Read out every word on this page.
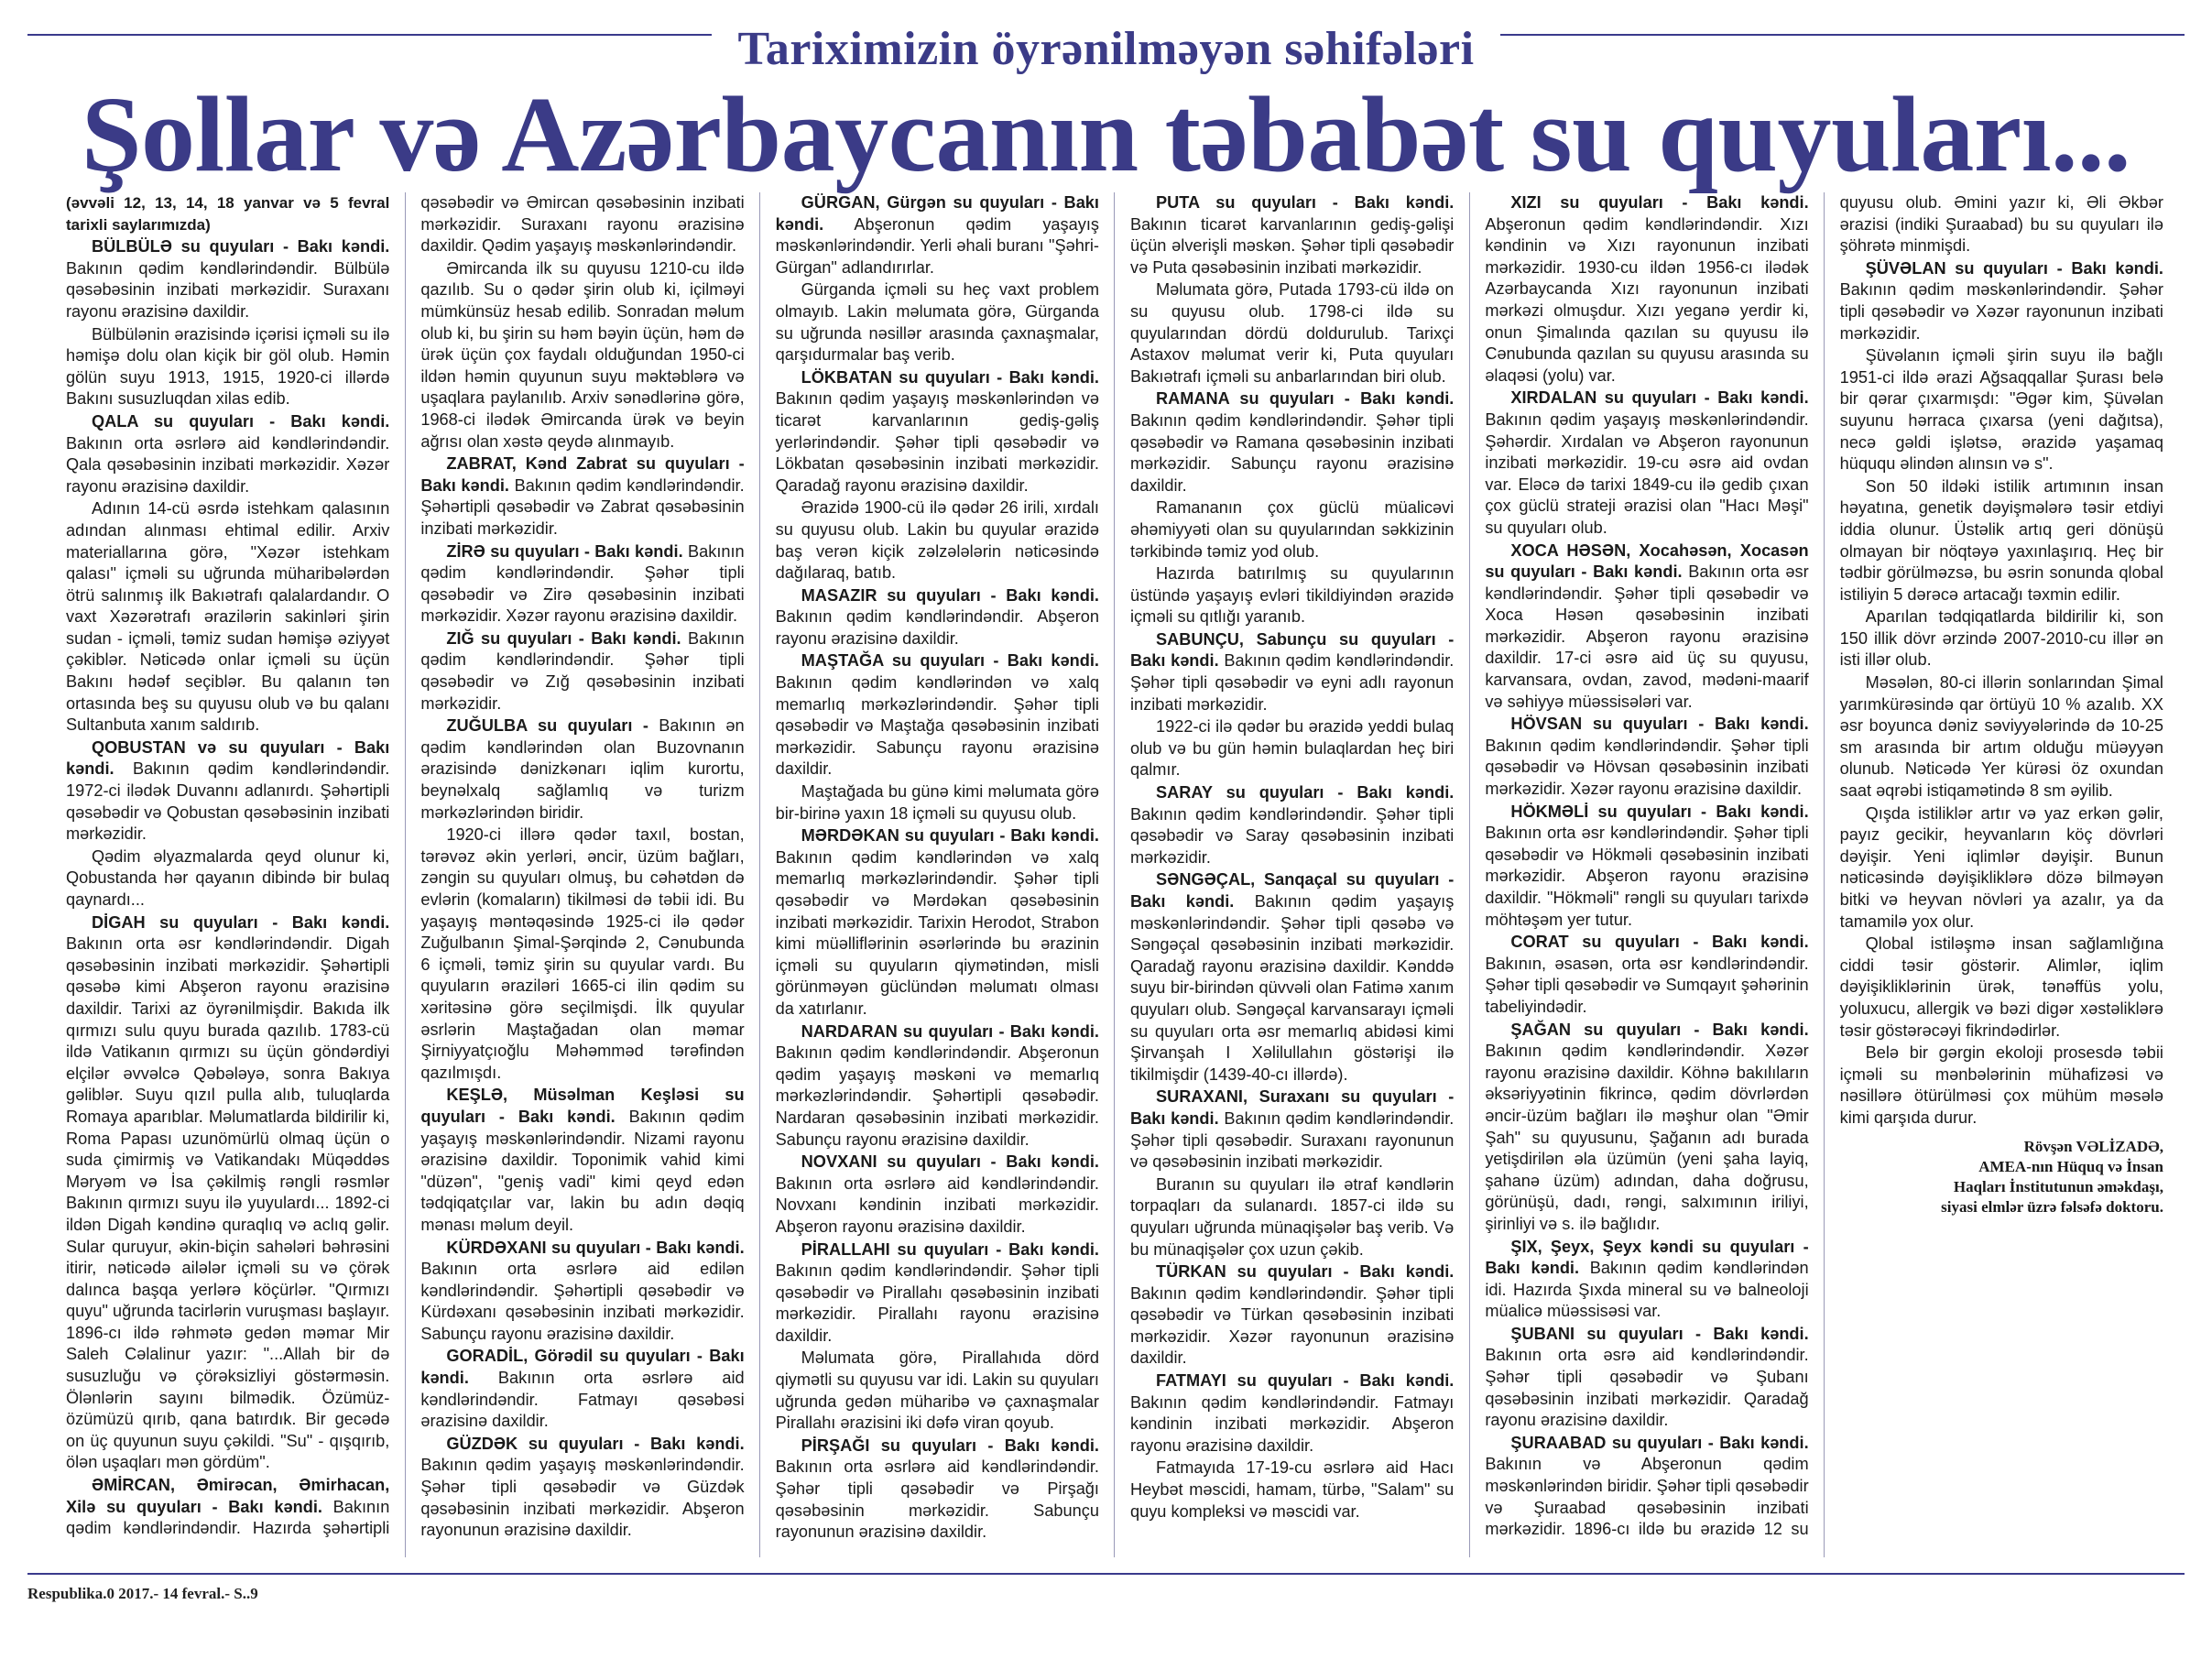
Tariximizin öyrənilməyən səhifələri
Şollar və Azərbaycanın təbabət su quyuları...

(əvvəli 12, 13, 14, 18 yanvar və 5 fevral tarixli saylarımızda)

BÜLBÜLƏ su quyuları - Bakı kəndi. Bakının qədim kəndlərindəndir. Bülbülə qəsəbəsinin inzibati mərkəzidir. Suraxanı rayonu ərazisinə daxildir.

Bülbülənin ərazisində içərisi içməli su ilə həmişə dolu olan kiçik bir göl olub. Həmin gölün suyu 1913, 1915, 1920-ci illərdə Bakını susuzluqdan xilas edib.

QALA su quyuları - Bakı kəndi. Bakının orta əsrlərə aid kəndlərindəndir. Qala qəsəbəsinin inzibati mərkəzidir. Xəzər rayonu ərazisinə daxildir.

Adının 14-cü əsrdə istehkam qalasının adından alınması ehtimal edilir. Arxiv materiallarına görə, "Xəzər istehkam qalası" içməli su uğrunda müharibələrdən ötrü salınmış ilk Bakıətrafı qalalardandır. O vaxt Xəzərətrafı ərazilərin sakinləri şirin sudan - içməli, təmiz sudan həmişə əziyyət çəkiblər. Nəticədə onlar içməli su üçün Bakını hədəf seçiblər. Bu qalanın tən ortasında beş su quyusu olub və bu qalanı Sultanbuta xanım saldırıb.

QOBUSTAN və su quyuları - Bakı kəndi. Bakının qədim kəndlərindəndir. 1972-ci ilədək Duvannı adlanırdı. Şəhərtipli qəsəbədir və Qobustan qəsəbəsinin inzibati mərkəzidir.

Qədim əlyazmalarda qeyd olunur ki, Qobustanda hər qayanın dibində bir bulaq qaynardı...

DİGAH su quyuları - Bakı kəndi. Bakının orta əsr kəndlərindəndir. Digah qəsəbəsinin inzibati mərkəzidir. Şəhərtipli qəsəbə kimi Abşeron rayonu ərazisinə daxildir. Tarixi az öyrənilmişdir. Bakıda ilk qırmızı sulu quyu burada qazılıb. 1783-cü ildə Vatikanın qırmızı su üçün göndərdiyi elçilər əvvəlcə Qəbələyə, sonra Bakıya gəliblər. Suyu qızıl pulla alıb, tuluqlarda Romaya aparıblar. Məlumatlarda bildirilir ki, Roma Papası uzunömürlü olmaq üçün o suda çimirmiş və Vatikandakı Müqəddəs Məryəm və İsa çəkilmiş rəngli rəsmlər Bakının qırmızı suyu ilə yuyulardı... 1892-ci ildən Digah kəndinə quraqlıq və aclıq gəlir. Sular quruyur, əkin-biçin sahələri bəhrəsini itirir, nəticədə ailələr içməli su və çörək dalınca başqa yerlərə köçürlər. "Qırmızı quyu" uğrunda tacirlərin vuruşması başlayır. 1896-cı ildə rəhmətə gedən məmar Mir Saleh Cəlalinur yazır: "...Allah bir də susuzluğu və çörəksizliyi göstərməsin. Ölənlərin sayını bilmədik. Özümüz-özümüzü qırıb, qana batırdık. Bir gecədə on üç quyunun suyu çəkildi. "Su" - qışqırıb, ölən uşaqları mən gördüm".

ƏMİRCAN, Əmirəcan, Əmirhacan, Xilə su quyuları - Bakı kəndi. Bakının qədim kəndlərindəndir. Hazırda şəhərtipli qəsəbədir və Əmircan qəsəbəsinin inzibati mərkəzidir. Suraxanı rayonu ərazisinə daxildir. Qədim yaşayış məskənlərindəndir.

Əmircanda ilk su quyusu 1210-cu ildə qazılıb. Su o qədər şirin olub ki, içilməyi mümkünsüz hesab edilib. Sonradan məlum olub ki, bu şirin su həm bəyin üçün, həm də ürək üçün çox faydalı olduğundan 1950-ci ildən həmin quyunun suyu məktəblərə və uşaqlara paylanılıb. Arxiv sənədlərinə görə, 1968-ci ilədək Əmircanda ürək və beyin ağrısı olan xəstə qeydə alınmayıb.

ZABRAT, Kənd Zabrat su quyuları - Bakı kəndi. Bakının qədim kəndlərindəndir. Şəhərtipli qəsəbədir və Zabrat qəsəbəsinin inzibati mərkəzidir.

ZİRƏ su quyuları - Bakı kəndi. Bakının qədim kəndlərindəndir. Şəhər tipli qəsəbədir və Zirə qəsəbəsinin inzibati mərkəzidir. Xəzər rayonu ərazisinə daxildir.

ZIĞ su quyuları - Bakı kəndi. Bakının qədim kəndlərindəndir. Şəhər tipli qəsəbədir və Zığ qəsəbəsinin inzibati mərkəzidir.

ZUĞULBA su quyuları - Bakının ən qədim kəndlərindən olan Buzovnanın ərazisində dənizkənarı iqlim kurortu, beynəlxalq sağlamlıq və turizm mərkəzlərindən biridir.

1920-ci illərə qədər taxıl, bostan, tərəvəz əkin yerləri, əncir, üzüm bağları, zəngin su quyuları olmuş, bu cəhətdən də evlərin (komaların) tikilməsi də təbii idi. Bu yaşayış məntəqəsində 1925-ci ilə qədər Zuğulbanın Şimal-Şərqində 2, Cənubunda 6 içməli, təmiz şirin su quyular vardı. Bu quyuların əraziləri 1665-ci ilin qədim su xəritəsinə görə seçilmişdi. İlk quyular əsrlərin Maştağadan olan məmar Şirniyyatçıoğlu Məhəmməd tərəfindən qazılmışdı.

KEŞLƏ, Müsəlman Keşləsi su quyuları - Bakı kəndi. Bakının qədim yaşayış məskənlərindəndir. Nizami rayonu ərazisinə daxildir. Toponimik vahid kimi "düzən", "geniş vadi" kimi qeyd edən tədqiqatçılar var, lakin bu adın dəqiq mənası məlum deyil.

KÜRDƏXANI su quyuları - Bakı kəndi. Bakının orta əsrlərə aid edilən kəndlərindəndir. Şəhərtipli qəsəbədir və Kürdəxanı qəsəbəsinin inzibati mərkəzidir. Sabunçu rayonu ərazisinə daxildir.

GORADİL, Görədil su quyuları - Bakı kəndi. Bakının orta əsrlərə aid kəndlərindəndir. Fatmayı qəsəbəsi ərazisinə daxildir.

GÜZDƏK su quyuları - Bakı kəndi. Bakının qədim yaşayış məskənlərindəndir. Şəhər tipli qəsəbədir və Güzdək qəsəbəsinin inzibati mərkəzidir. Abşeron rayonunun ərazisinə daxildir.

GÜRGAN, Gürgən su quyuları - Bakı kəndi. Abşeronun qədim yaşayış məskənlərindəndir. Yerli əhali buranı "Şəhri-Gürgan" adlandırırlar.

Gürganda içməli su heç vaxt problem olmayıb. Lakin məlumata görə, Gürganda su uğrunda nəsillər arasında çaxnaşmalar, qarşıdurmalar baş verib.

LÖKBATAN su quyuları - Bakı kəndi. Bakının qədim yaşayış məskənlərindən və ticarət karvanlarının gediş-gəliş yerlərindəndir. Şəhər tipli qəsəbədir və Lökbatan qəsəbəsinin inzibati mərkəzidir. Qaradağ rayonu ərazisinə daxildir.

Ərazidə 1900-cü ilə qədər 26 irili, xırdalı su quyusu olub. Lakin bu quyular ərazidə baş verən kiçik zəlzələlərin nəticəsində dağılaraq, batıb.

MASAZIR su quyuları - Bakı kəndi. Bakının qədim kəndlərindəndir. Abşeron rayonu ərazisinə daxildir.

MAŞTAĞA su quyuları - Bakı kəndi. Bakının qədim kəndlərindən və xalq memarlıq mərkəzlərindəndir. Şəhər tipli qəsəbədir və Maştağa qəsəbəsinin inzibati mərkəzidir. Sabunçu rayonu ərazisinə daxildir.

Maştağada bu günə kimi məlumata görə bir-birinə yaxın 18 içməli su quyusu olub.

MƏRDƏKAN su quyuları - Bakı kəndi. Bakının qədim kəndlərindən və xalq memarlıq mərkəzlərindəndir. Şəhər tipli qəsəbədir və Mərdəkan qəsəbəsinin inzibati mərkəzidir. Tarixin Herodot, Strabon kimi müəlliflərinin əsərlərində bu ərazinin içməli su quyuların qiymətindən, misli görünməyən güclündən məlumatı olması da xatırlanır.

NARDARAN su quyuları - Bakı kəndi. Bakının qədim kəndlərindəndir. Abşeronun qədim yaşayış məskəni və memarlıq mərkəzlərindəndir. Şəhərtipli qəsəbədir. Nardaran qəsəbəsinin inzibati mərkəzidir. Sabunçu rayonu ərazisinə daxildir.

NOVXANI su quyuları - Bakı kəndi. Bakının orta əsrlərə aid kəndlərindəndir. Novxanı kəndinin inzibati mərkəzidir. Abşeron rayonu ərazisinə daxildir.

PİRALLAHI su quyuları - Bakı kəndi. Bakının qədim kəndlərindəndir. Şəhər tipli qəsəbədir və Pirallahı qəsəbəsinin inzibati mərkəzidir. Pirallahı rayonu ərazisinə daxildir.

Məlumata görə, Pirallahıda dörd qiymətli su quyusu var idi. Lakin su quyuları uğrunda gedən müharibə və çaxnaşmalar Pirallahı ərazisini iki dəfə viran qoyub.

PİRŞAĞI su quyuları - Bakı kəndi. Bakının orta əsrlərə aid kəndlərindəndir. Şəhər tipli qəsəbədir və Pirşağı qəsəbəsinin mərkəzidir. Sabunçu rayonunun ərazisinə daxildir.

PUTA su quyuları - Bakı kəndi. Bakının ticarət karvanlarının gediş-gəlişi üçün əlverişli məskən. Şəhər tipli qəsəbədir və Puta qəsəbəsinin inzibati mərkəzidir.

Məlumata görə, Putada 1793-cü ildə on su quyusu olub. 1798-ci ildə su quyularından dördü doldurulub. Tarixçi Astaxov məlumat verir ki, Puta quyuları Bakıətrafı içməli su anbarlarından biri olub.

RAMANA su quyuları - Bakı kəndi. Bakının qədim kəndlərindəndir. Şəhər tipli qəsəbədir və Ramana qəsəbəsinin inzibati mərkəzidir. Sabunçu rayonu ərazisinə daxildir.

Ramananın çox güclü müalicəvi əhəmiyyəti olan su quyularından səkkizinin tərkibində təmiz yod olub.

Hazırda batırılmış su quyularının üstündə yaşayış evləri tikildiyindən ərazidə içməli su qıtlığı yaranıb.

SABUNÇU, Sabunçu su quyuları - Bakı kəndi. Bakının qədim kəndlərindəndir. Şəhər tipli qəsəbədir və eyni adlı rayonun inzibati mərkəzidir.

1922-ci ilə qədər bu ərazidə yeddi bulaq olub və bu gün həmin bulaqlardan heç biri qalmır.

SARAY su quyuları - Bakı kəndi. Bakının qədim kəndlərindəndir. Şəhər tipli qəsəbədir və Saray qəsəbəsinin inzibati mərkəzidir.

SƏNGƏÇAL, Sanqaçal su quyuları - Bakı kəndi. Bakının qədim yaşayış məskənlərindəndir. Şəhər tipli qəsəbə və Səngəçal qəsəbəsinin inzibati mərkəzidir. Qaradağ rayonu ərazisinə daxildir. Kənddə suyu bir-birindən qüvvəli olan Fatimə xanım quyuları olub. Səngəçal karvansarayı içməli su quyuları orta əsr memarlıq abidəsi kimi Şirvanşah I Xəlilullahın göstərişi ilə tikilmişdir (1439-40-cı illərdə).

SURAXANI, Suraxanı su quyuları - Bakı kəndi. Bakının qədim kəndlərindəndir. Şəhər tipli qəsəbədir. Suraxanı rayonunun və qəsəbəsinin inzibati mərkəzidir.

Buranın su quyuları ilə ətraf kəndlərin torpaqları da sulanardı. 1857-ci ildə su quyuları uğrunda münaqişələr baş verib. Və bu münaqişələr çox uzun çəkib.

TÜRKAN su quyuları - Bakı kəndi. Bakının qədim kəndlərindəndir. Şəhər tipli qəsəbədir və Türkan qəsəbəsinin inzibati mərkəzidir. Xəzər rayonunun ərazisinə daxildir.

FATMAYI su quyuları - Bakı kəndi. Bakının qədim kəndlərindəndir. Fatmayı kəndinin inzibati mərkəzidir. Abşeron rayonu ərazisinə daxildir.

Fatmayıda 17-19-cu əsrlərə aid Hacı Heybət məscidi, hamam, türbə, "Salam" su quyu kompleksi və məscidi var.

XIZI su quyuları - Bakı kəndi. Abşeronun qədim kəndlərindəndir. Xızı kəndinin və Xızı rayonunun inzibati mərkəzidir. 1930-cu ildən 1956-cı ilədək Azərbaycanda Xızı rayonunun inzibati mərkəzi olmuşdur. Xızı yeganə yerdir ki, onun Şimalında qazılan su quyusu ilə Cənubunda qazılan su quyusu arasında su əlaqəsi (yolu) var.

XIRDALAN su quyuları - Bakı kəndi. Bakının qədim yaşayış məskənlərindəndir. Şəhərdir. Xırdalan və Abşeron rayonunun inzibati mərkəzidir. 19-cu əsrə aid ovdan var. Eləcə də tarixi 1849-cu ilə gedib çıxan çox güclü strateji ərazisi olan "Hacı Məşi" su quyuları olub.

XOCA HƏSƏN, Xocahəsən, Xocasən su quyuları - Bakı kəndi. Bakının orta əsr kəndlərindəndir. Şəhər tipli qəsəbədir və Xoca Həsən qəsəbəsinin inzibati mərkəzidir. Abşeron rayonu ərazisinə daxildir. 17-ci əsrə aid üç su quyusu, karvansara, ovdan, zavod, mədəni-maarif və səhiyyə müəssisələri var.

HÖVSAN su quyuları - Bakı kəndi. Bakının qədim kəndlərindəndir. Şəhər tipli qəsəbədir və Hövsan qəsəbəsinin inzibati mərkəzidir. Xəzər rayonu ərazisinə daxildir.

HÖKMƏLİ su quyuları - Bakı kəndi. Bakının orta əsr kəndlərindəndir. Şəhər tipli qəsəbədir və Hökməli qəsəbəsinin inzibati mərkəzidir. Abşeron rayonu ərazisinə daxildir. "Hökməli" rəngli su quyuları tarixdə möhtəşəm yer tutur.

CORAT su quyuları - Bakı kəndi. Bakının, əsasən, orta əsr kəndlərindəndir. Şəhər tipli qəsəbədir və Sumqayıt şəhərinin tabeliyindədir.

ŞAĞAN su quyuları - Bakı kəndi. Bakının qədim kəndlərindəndir. Xəzər rayonu ərazisinə daxildir. Köhnə bakılıların əksəriyyətinin fikrincə, qədim dövrlərdən əncir-üzüm bağları ilə məşhur olan "Əmir Şah" su quyusunu, Şağanın adı burada yetişdirilən əla üzümün (yeni şaha layiq, şahanə üzüm) adından, daha doğrusu, görünüşü, dadı, rəngi, salxımının iriliyi, şirinliyi və s. ilə bağlıdır.

ŞIX, Şeyx, Şeyx kəndi su quyuları - Bakı kəndi. Bakının qədim kəndlərindən idi. Hazırda Şıxda mineral su və balneoloji müalicə müəssisəsi var.

ŞUBANI su quyuları - Bakı kəndi. Bakının orta əsrə aid kəndlərindəndir. Şəhər tipli qəsəbədir və Şubanı qəsəbəsinin inzibati mərkəzidir. Qaradağ rayonu ərazisinə daxildir.

ŞURAABAD su quyuları - Bakı kəndi. Bakının və Abşeronun qədim məskənlərindən biridir. Şəhər tipli qəsəbədir və Şuraabad qəsəbəsinin inzibati mərkəzidir. 1896-cı ildə bu ərazidə 12 su quyusu olub. Əmini yazır ki, Əli Əkbər ərazisi (indiki Şuraabad) bu su quyuları ilə şöhrətə minmişdi.

ŞÜVƏLAN su quyuları - Bakı kəndi. Bakının qədim məskənlərindəndir. Şəhər tipli qəsəbədir və Xəzər rayonunun inzibati mərkəzidir.

Şüvəlanın içməli şirin suyu ilə bağlı 1951-ci ildə ərazi Ağsaqqallar Şurası belə bir qərar çıxarmışdı: "Əgər kim, Şüvəlan suyunu hərraca çıxarsa (yeni dağıtsa), necə gəldi işlətsə, ərazidə yaşamaq hüququ əlindən alınsın və s".

Son 50 ildəki istilik artımının insan həyatına, genetik dəyişmələrə təsir etdiyi iddia olunur. Üstəlik artıq geri dönüşü olmayan bir nöqtəyə yaxınlaşırıq. Heç bir tədbir görülməzsə, bu əsrin sonunda qlobal istiliyin 5 dərəcə artacağı təxmin edilir.

Aparılan tədqiqatlarda bildirilir ki, son 150 illik dövr ərzində 2007-2010-cu illər ən isti illər olub.

Məsələn, 80-ci illərin sonlarından Şimal yarımkürəsində qar örtüyü 10 % azalıb. XX əsr boyunca dəniz səviyyələrində də 10-25 sm arasında bir artım olduğu müəyyən olunub. Nəticədə Yer kürəsi öz oxundan saat əqrəbi istiqamətində 8 sm əyilib.

Qışda istiliklər artır və yaz erkən gəlir, payız gecikir, heyvanların köç dövrləri dəyişir. Yeni iqlimlər dəyişir. Bunun nəticəsində dəyişikliklərə dözə bilməyən bitki və heyvan növləri ya azalır, ya da tamamilə yox olur.

Qlobal istiləşmə insan sağlamlığına ciddi təsir göstərir. Alimlər, iqlim dəyişikliklərinin ürək, tənəffüs yolu, yoluxucu, allergik və bəzi digər xəstəliklərə təsir göstərəcəyi fikrindədirlər.

Belə bir gərgin ekoloji prosesdə təbii içməli su mənbələrinin mühafizəsi və nəsillərə ötürülməsi çox mühüm məsələ kimi qarşıda durur.

Rövşən VƏLİZADƏ,
AMEA-nın Hüquq və İnsan
Haqları İnstitutunun əməkdaşı,
siyasi elmlər üzrə fəlsəfə doktoru.
Respublika.0 2017.- 14 fevral.- S..9
